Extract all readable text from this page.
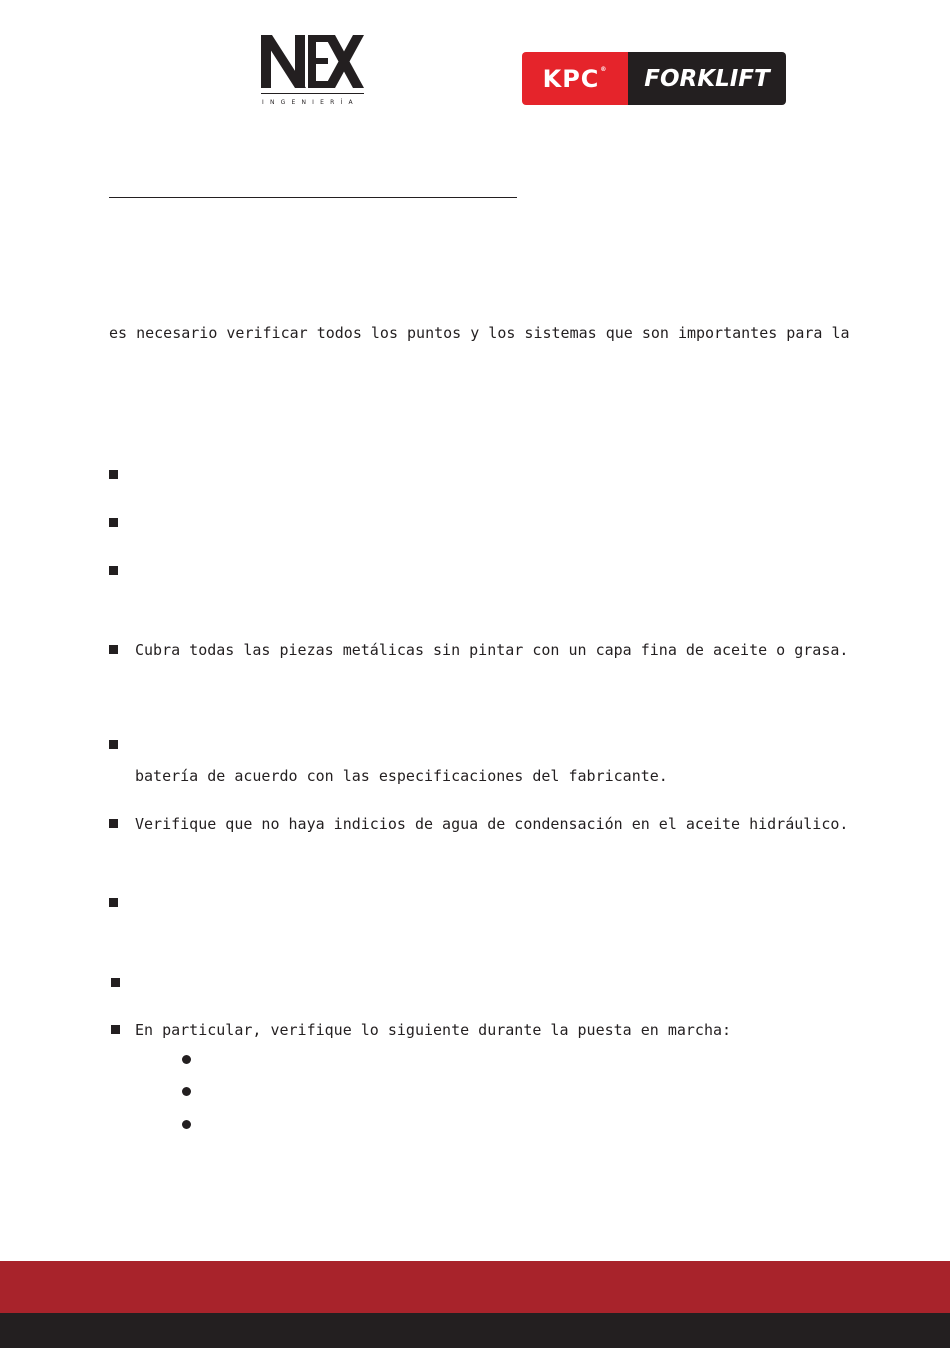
INGENIERÍA
KPC®	FORKLIFT
es necesario verificar todos los puntos y los sistemas que son importantes para la
Cubra todas las piezas metálicas sin pintar con un capa fina de aceite o grasa.
batería de acuerdo con las especificaciones del fabricante.
Verifique que no haya indicios de agua de condensación en el aceite hidráulico.
En particular, verifique lo siguiente durante la puesta en marcha:
